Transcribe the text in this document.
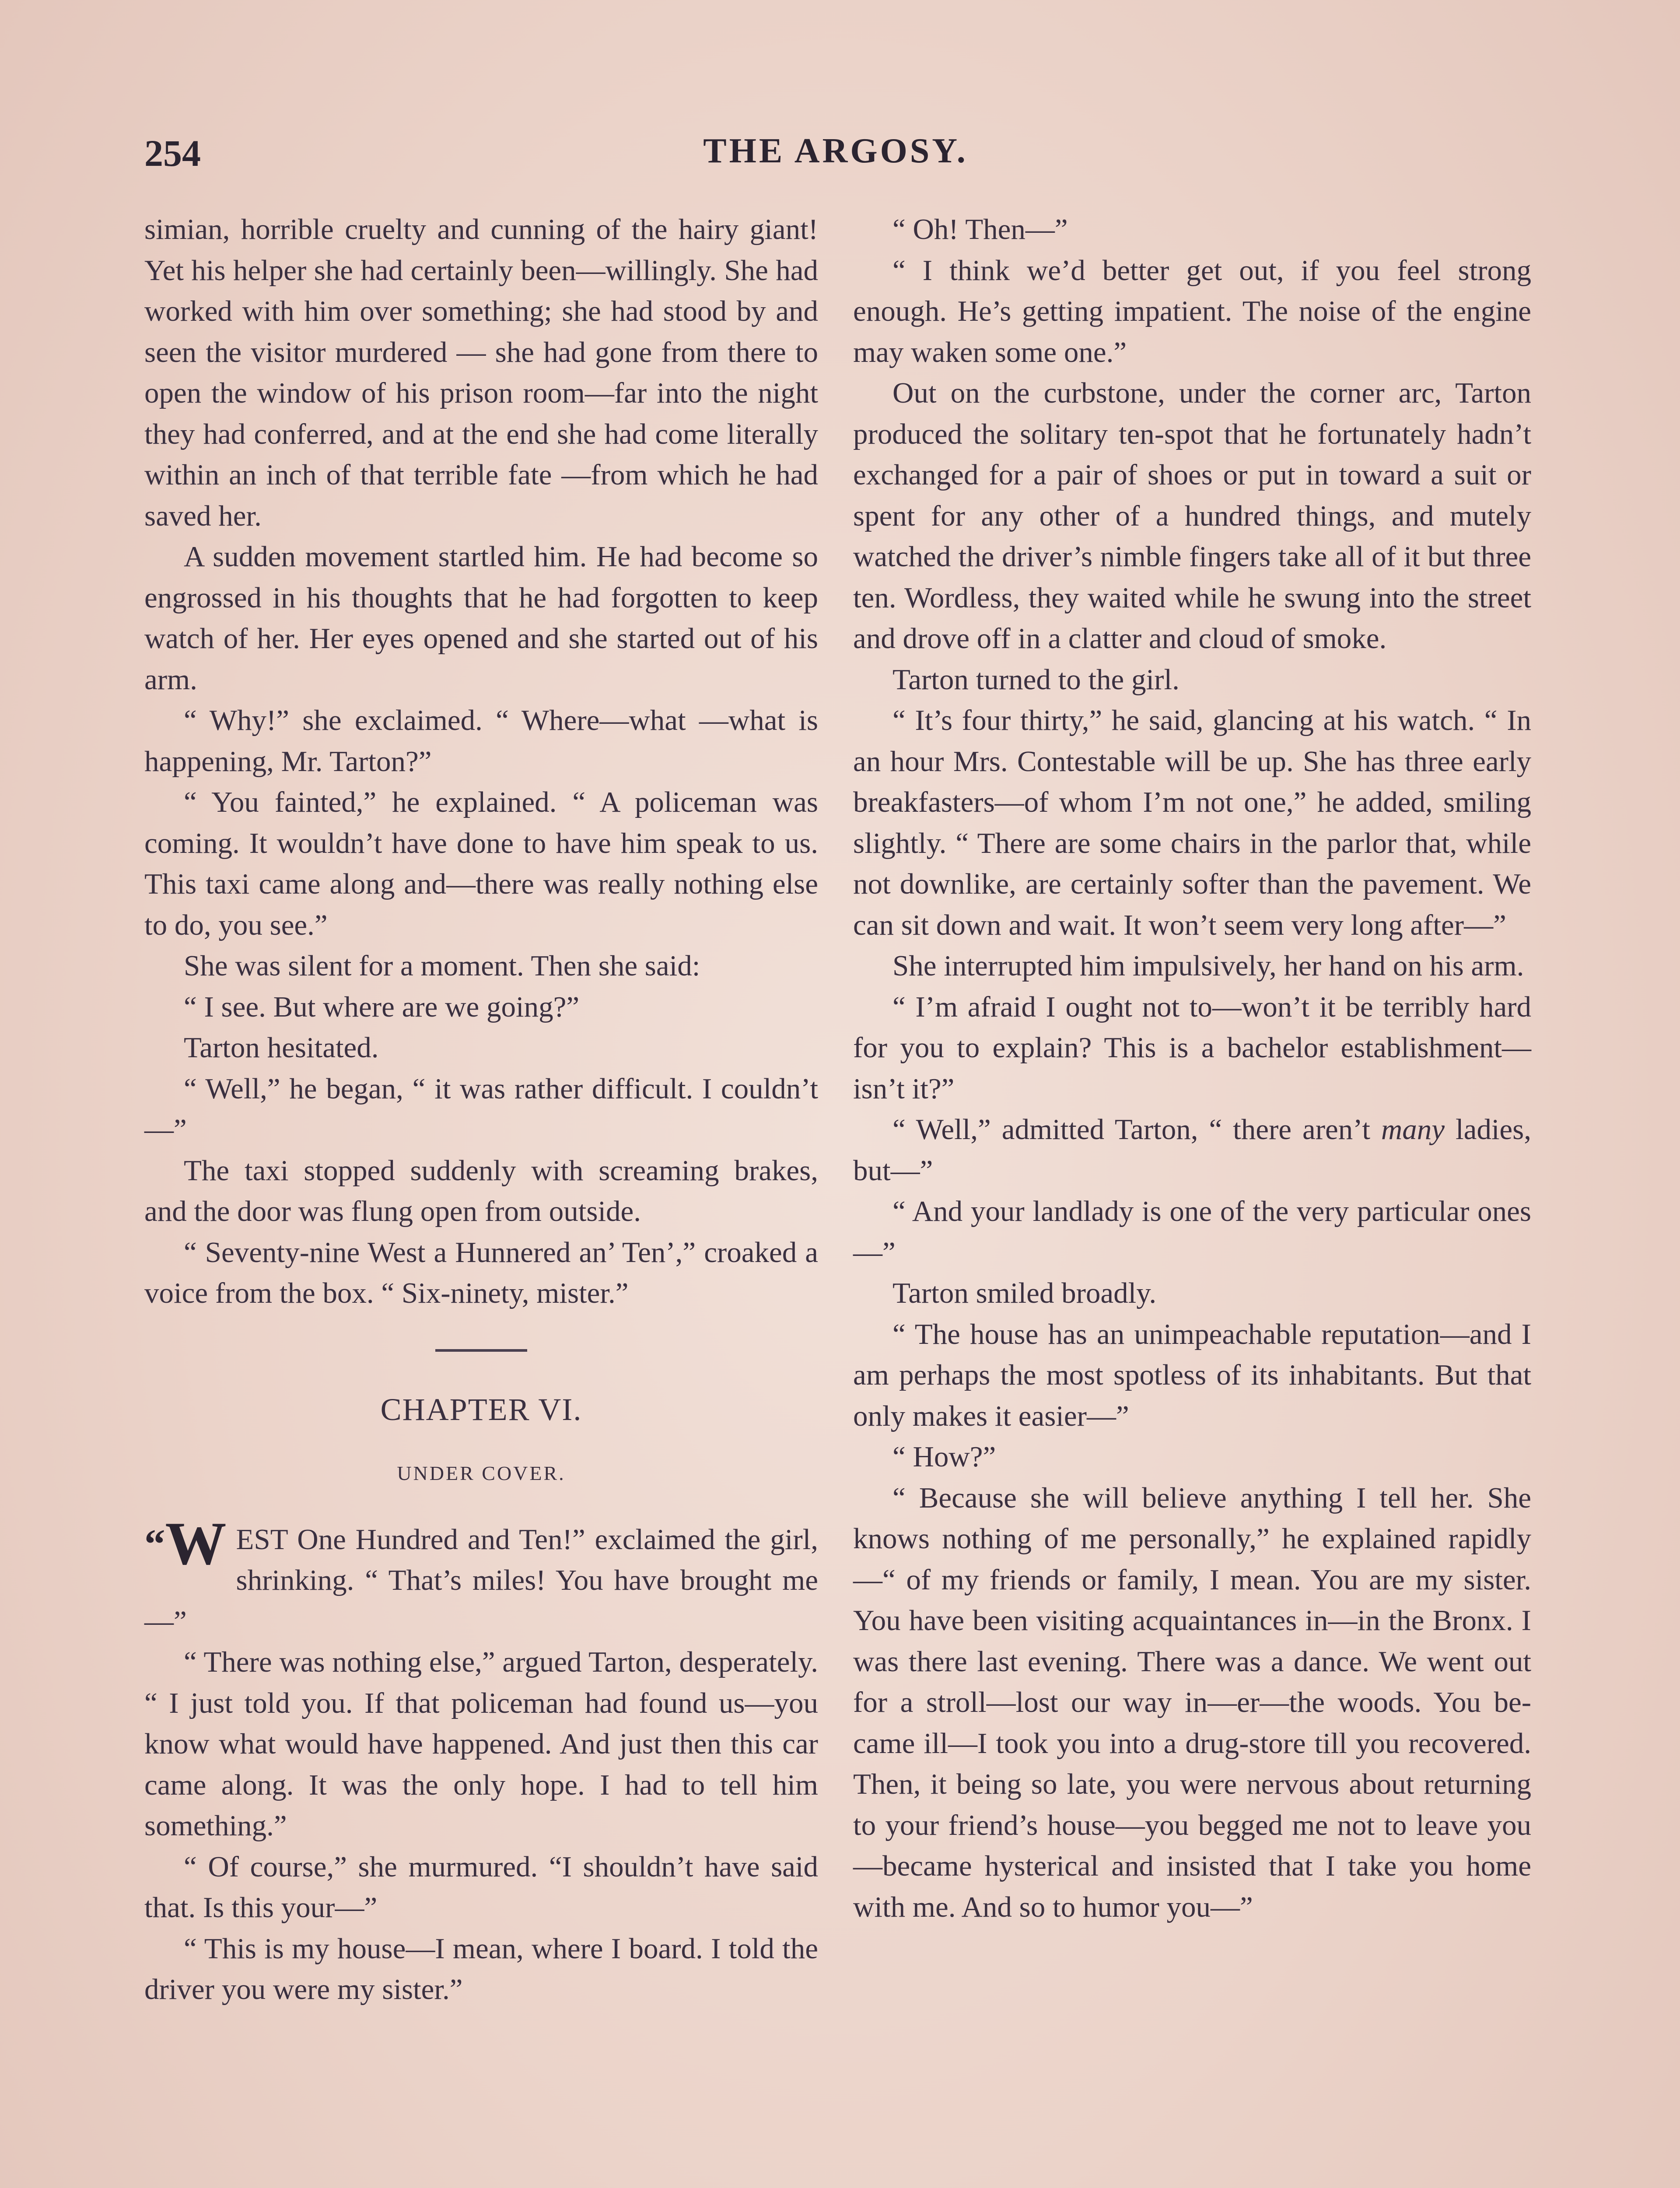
254	THE ARGOSY.

simian, horrible cruelty and cunning of the hairy giant! Yet his helper she had certainly been—willingly. She had worked with him over something; she had stood by and seen the visitor murdered — she had gone from there to open the window of his prison room—far into the night they had conferred, and at the end she had come literally within an inch of that terrible fate —from which he had saved her.

A sudden movement startled him. He had become so engrossed in his thoughts that he had forgotten to keep watch of her. Her eyes opened and she started out of his arm.

“ Why!” she exclaimed. “ Where—what —what is happening, Mr. Tarton?”

“ You fainted,” he explained. “ A policeman was coming. It wouldn’t have done to have him speak to us. This taxi came along and—there was really nothing else to do, you see.”

She was silent for a moment. Then she said:

“ I see. But where are we going?”

Tarton hesitated.

“ Well,” he began, “ it was rather difficult. I couldn’t—”

The taxi stopped suddenly with screaming brakes, and the door was flung open from outside.

“ Seventy-nine West a Hunnered an’ Ten’,” croaked a voice from the box. “ Six-ninety, mister.”

CHAPTER VI.
UNDER COVER.

“W EST One Hundred and Ten!” exclaimed the girl, shrinking. “ That’s miles! You have brought me—”

“ There was nothing else,” argued Tarton, desperately. “ I just told you. If that policeman had found us—you know what would have happened. And just then this car came along. It was the only hope. I had to tell him something.”

“ Of course,” she murmured. “I shouldn’t have said that. Is this your—”

“ This is my house—I mean, where I board. I told the driver you were my sister.”

“ Oh! Then—”

“ I think we’d better get out, if you feel strong enough. He’s getting impatient. The noise of the engine may waken some one.”

Out on the curbstone, under the corner arc, Tarton produced the solitary ten-spot that he fortunately hadn’t exchanged for a pair of shoes or put in toward a suit or spent for any other of a hundred things, and mutely watched the driver’s nimble fingers take all of it but three ten. Wordless, they waited while he swung into the street and drove off in a clatter and cloud of smoke.

Tarton turned to the girl.

“ It’s four thirty,” he said, glancing at his watch. “ In an hour Mrs. Contestable will be up. She has three early breakfasters—of whom I’m not one,” he added, smiling slightly. “ There are some chairs in the parlor that, while not downlike, are certainly softer than the pavement. We can sit down and wait. It won’t seem very long after—”

She interrupted him impulsively, her hand on his arm.

“ I’m afraid I ought not to—won’t it be terribly hard for you to explain? This is a bachelor establishment—isn’t it?”

“ Well,” admitted Tarton, “ there aren’t many ladies, but—”

“ And your landlady is one of the very particular ones—”

Tarton smiled broadly.

“ The house has an unimpeachable reputation—and I am perhaps the most spotless of its inhabitants. But that only makes it easier—”

“ How?”

“ Because she will believe anything I tell her. She knows nothing of me personally,” he explained rapidly—“ of my friends or family, I mean. You are my sister. You have been visiting acquaintances in—in the Bronx. I was there last evening. There was a dance. We went out for a stroll—lost our way in—er—the woods. You became ill—I took you into a drug-store till you recovered. Then, it being so late, you were nervous about returning to your friend’s house—you begged me not to leave you—became hysterical and insisted that I take you home with me. And so to humor you—”
